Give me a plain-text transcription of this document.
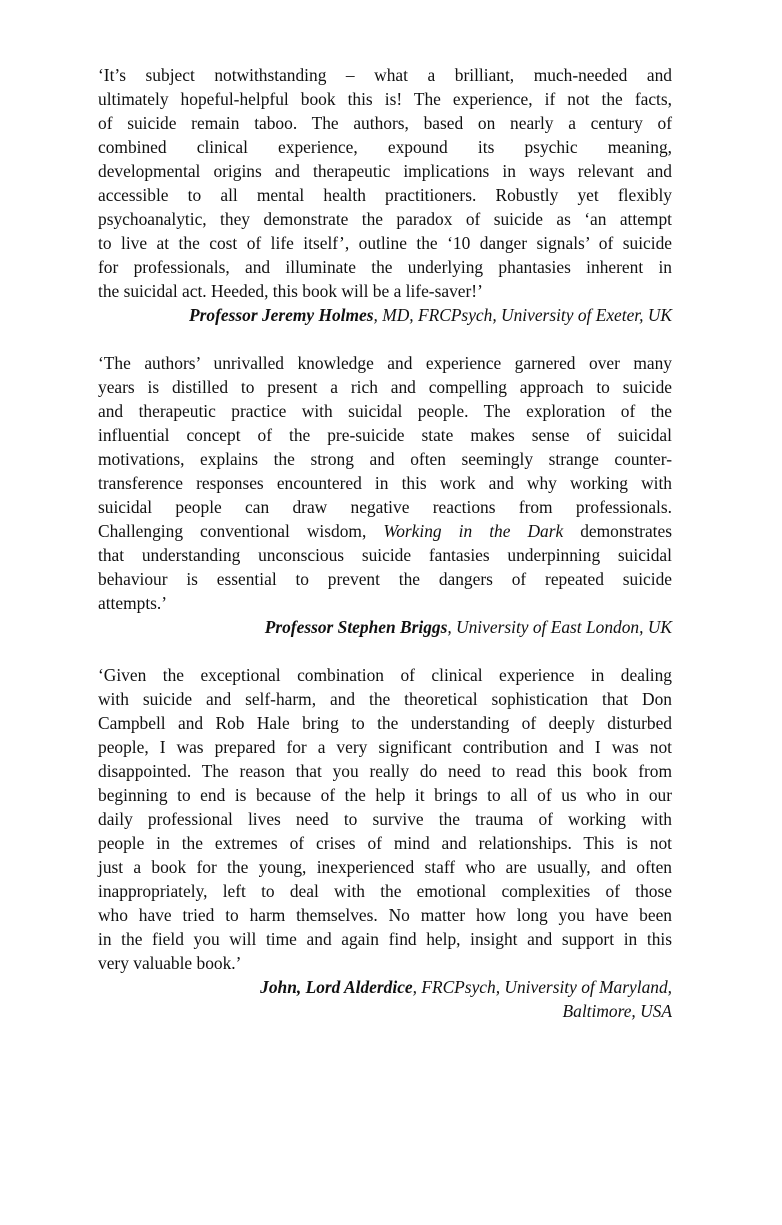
‘It’s subject notwithstanding – what a brilliant, much-needed and
ultimately hopeful-helpful book this is! The experience, if not the facts,
of suicide remain taboo. The authors, based on nearly a century of
combined clinical experience, expound its psychic meaning,
developmental origins and therapeutic implications in ways relevant and
accessible to all mental health practitioners. Robustly yet flexibly
psychoanalytic, they demonstrate the paradox of suicide as ‘an attempt
to live at the cost of life itself’, outline the ‘10 danger signals’ of suicide
for professionals, and illuminate the underlying phantasies inherent in
the suicidal act. Heeded, this book will be a life-saver!’
Professor Jeremy Holmes, MD, FRCPsych, University of Exeter, UK
‘The authors’ unrivalled knowledge and experience garnered over many
years is distilled to present a rich and compelling approach to suicide
and therapeutic practice with suicidal people. The exploration of the
influential concept of the pre-suicide state makes sense of suicidal
motivations, explains the strong and often seemingly strange counter-
transference responses encountered in this work and why working with
suicidal people can draw negative reactions from professionals.
Challenging conventional wisdom, Working in the Dark demonstrates
that understanding unconscious suicide fantasies underpinning suicidal
behaviour is essential to prevent the dangers of repeated suicide
attempts.’
Professor Stephen Briggs, University of East London, UK
‘Given the exceptional combination of clinical experience in dealing
with suicide and self-harm, and the theoretical sophistication that Don
Campbell and Rob Hale bring to the understanding of deeply disturbed
people, I was prepared for a very significant contribution and I was not
disappointed. The reason that you really do need to read this book from
beginning to end is because of the help it brings to all of us who in our
daily professional lives need to survive the trauma of working with
people in the extremes of crises of mind and relationships. This is not
just a book for the young, inexperienced staff who are usually, and often
inappropriately, left to deal with the emotional complexities of those
who have tried to harm themselves. No matter how long you have been
in the field you will time and again find help, insight and support in this
very valuable book.’
John, Lord Alderdice, FRCPsych, University of Maryland,
Baltimore, USA
